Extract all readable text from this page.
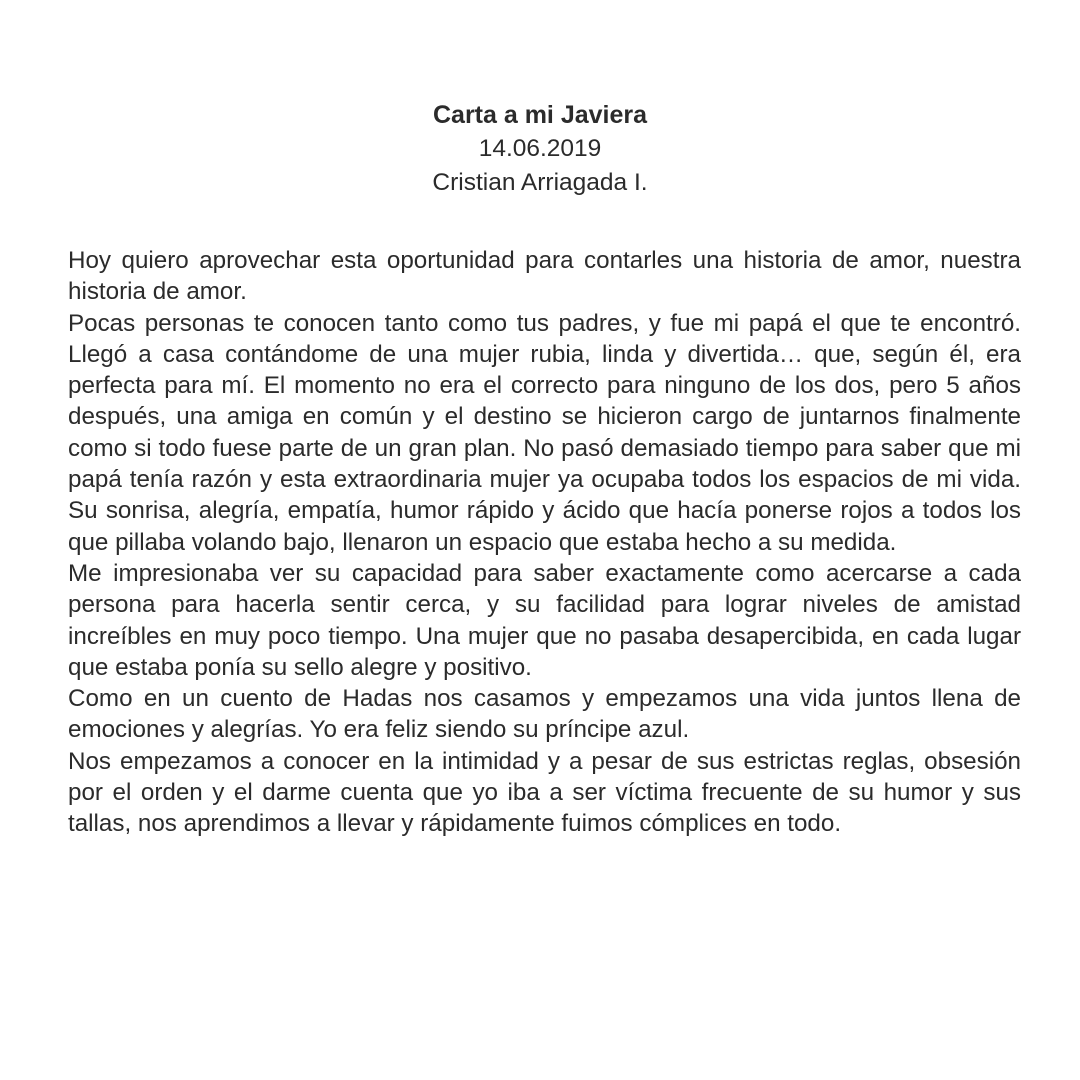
Carta a mi Javiera

14.06.2019

Cristian Arriagada I.

Hoy quiero aprovechar esta oportunidad para contarles una historia de amor, nuestra historia de amor.

Pocas personas te conocen tanto como tus padres, y fue mi papá el que te encontró. Llegó a casa contándome de una mujer rubia, linda y divertida… que, según él, era perfecta para mí. El momento no era el correcto para ninguno de los dos, pero 5 años después, una amiga en común y el destino se hicieron cargo de juntarnos finalmente como si todo fuese parte de un gran plan. No pasó demasiado tiempo para saber que mi papá tenía razón y esta extraordinaria mujer ya ocupaba todos los espacios de mi vida. Su sonrisa, alegría, empatía, humor rápido y ácido que hacía ponerse rojos a todos los que pillaba volando bajo, llenaron un espacio que estaba hecho a su medida.

Me impresionaba ver su capacidad para saber exactamente como acercarse a cada persona para hacerla sentir cerca, y su facilidad para lograr niveles de amistad increíbles en muy poco tiempo. Una mujer que no pasaba desapercibida, en cada lugar que estaba ponía su sello alegre y positivo.

Como en un cuento de Hadas nos casamos y empezamos una vida juntos llena de emociones y alegrías. Yo era feliz siendo su príncipe azul.

Nos empezamos a conocer en la intimidad y a pesar de sus estrictas reglas, obsesión por el orden y el darme cuenta que yo iba a ser víctima frecuente de su humor y sus tallas, nos aprendimos a llevar y rápidamente fuimos cómplices en todo.
